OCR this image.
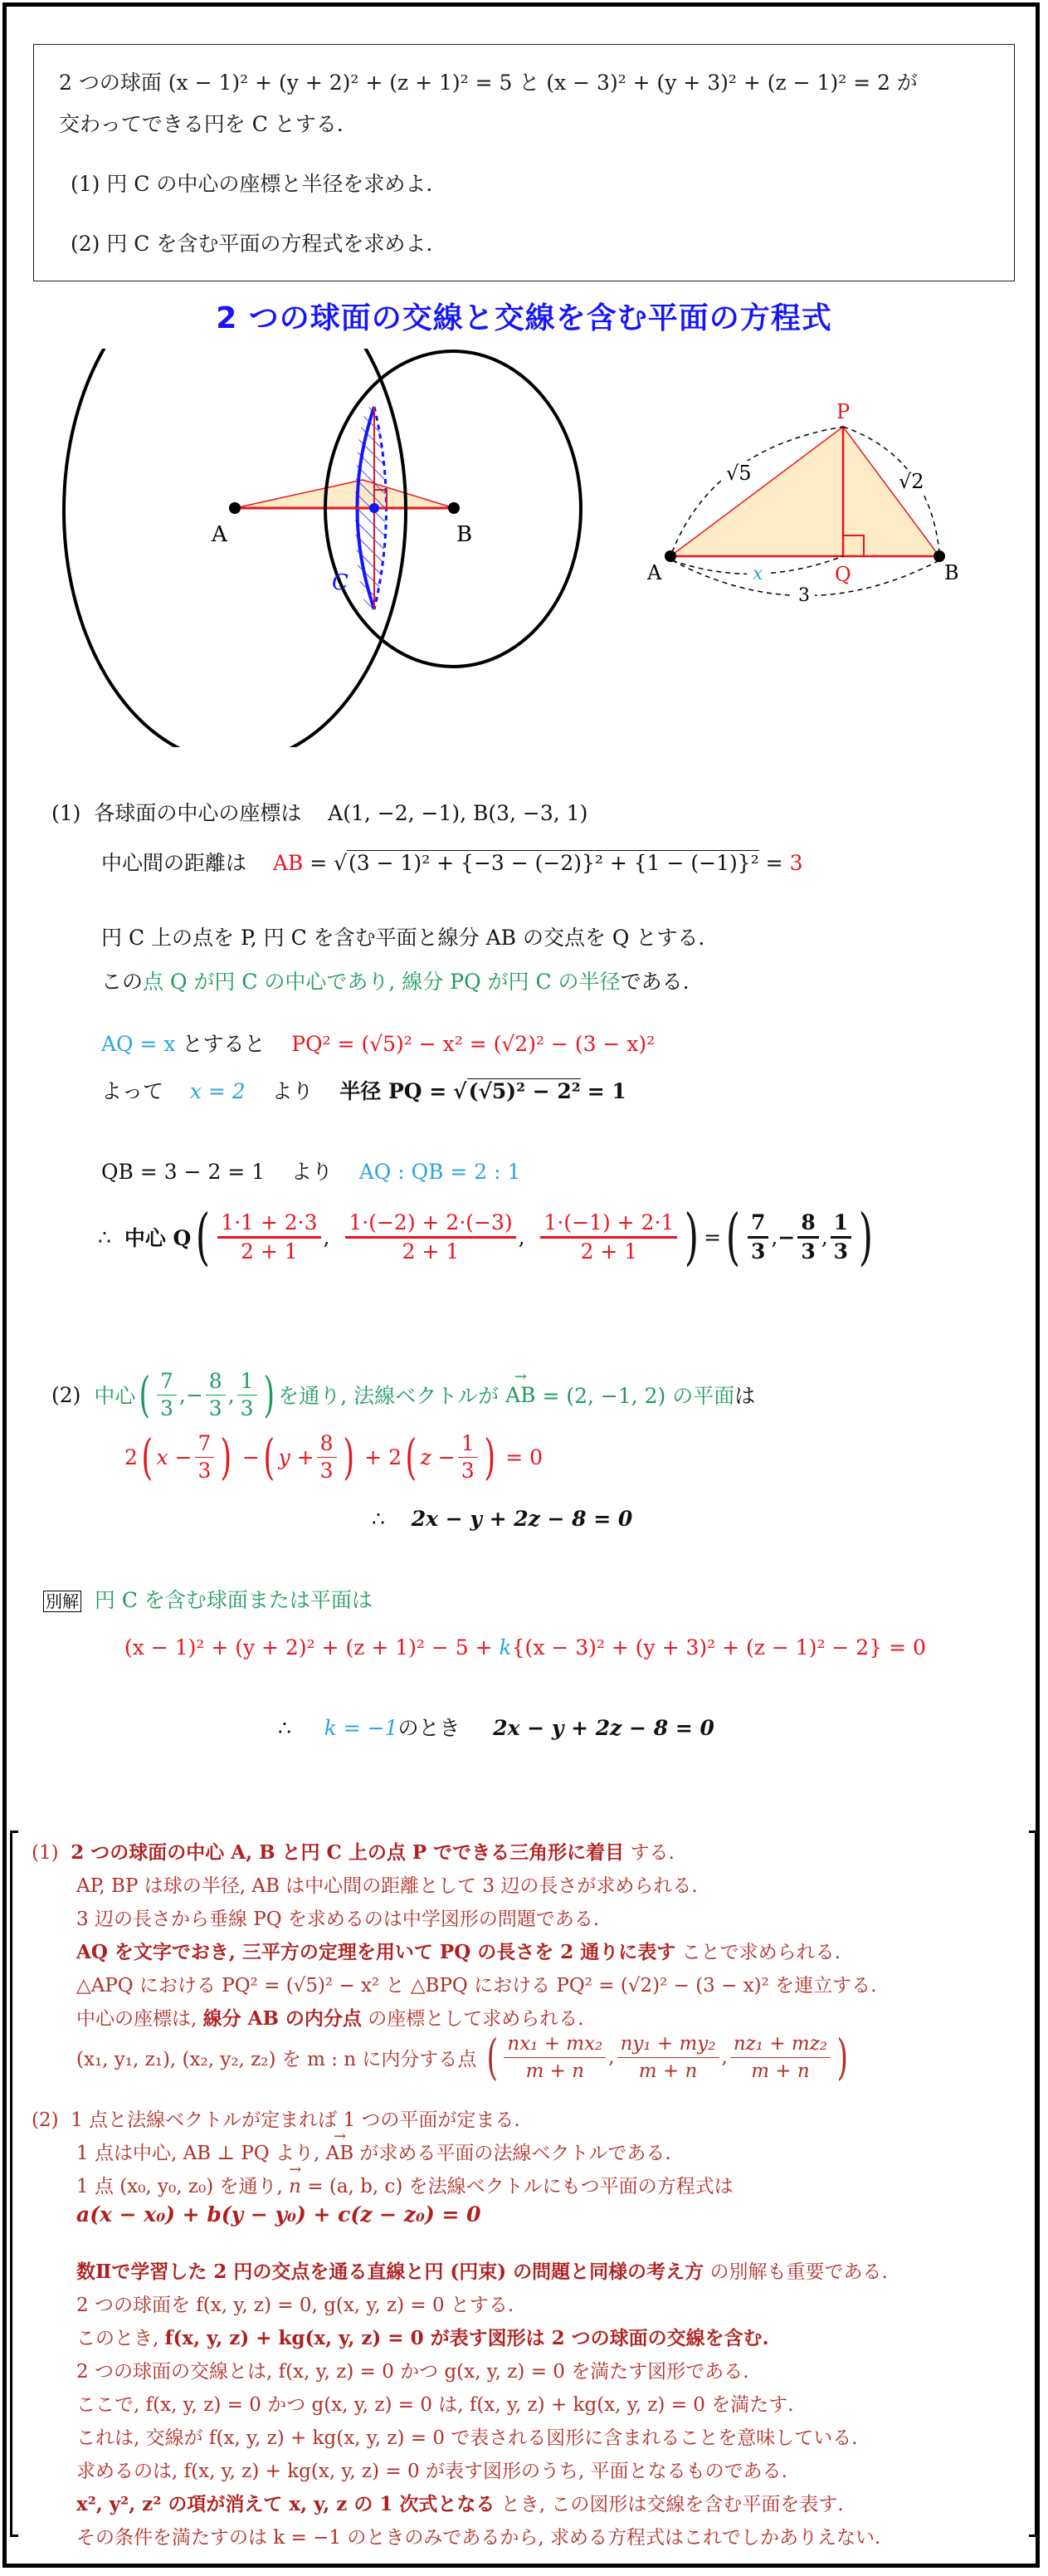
2 つの球面 (x − 1)² + (y + 2)² + (z + 1)² = 5 と (x − 3)² + (y + 3)² + (z − 1)² = 2 が
交わってできる円を C とする.
(1) 円 C の中心の座標と半径を求めよ.
(2) 円 C を含む平面の方程式を求めよ.
2 つの球面の交線と交線を含む平面の方程式
A	B
C
P
Q
A	B
√5	√2
x
3
(1) 各球面の中心の座標は A(1, −2, −1), B(3, −3, 1)
中心間の距離は AB = √(3 − 1)² + {−3 − (−2)}² + {1 − (−1)}² = 3
円 C 上の点を P, 円 C を含む平面と線分 AB の交点を Q とする.
この点 Q が円 C の中心であり, 線分 PQ が円 C の半径である.
AQ = x とすると PQ² = (√5)² − x² = (√2)² − (3 − x)²
よって x = 2 より 半径 PQ = √(√5)² − 2² = 1
QB = 3 − 2 = 1 より AQ : QB = 2 : 1
∴
中心 Q ( $\frac{1\cdot 1 + 2\cdot 3}{2 + 1}$ , $\frac{1\cdot(-2) + 2\cdot(-3)}{2 + 1}$ , $\frac{1\cdot(-1) + 2\cdot 1}{2 + 1}$ ) = ( $\frac{7}{3}$ , − $\frac{8}{3}$ , $\frac{1}{3}$ )
(2)
中心 ( $\frac{7}{3}$ , − $\frac{8}{3}$ , $\frac{1}{3}$ ) を通り, 法線ベクトルが
→ AB
= (2, −1, 2) の平面 は
2 ( $x - \frac{7}{3}$ )
− ( $y + \frac{8}{3}$ )
+ 2 ( $z - \frac{1}{3}$ )
= 0
∴ 2x − y + 2z − 8 = 0
別解 円 C を含む球面または平面は
(x − 1)² + (y + 2)² + (z + 1)² − 5 + k{(x − 3)² + (y + 3)² + (z − 1)² − 2} = 0
∴ k = −1のとき 2x − y + 2z − 8 = 0
(1) 2 つの球面の中心 A, B と円 C 上の点 P でできる三角形に着目 する.
AP, BP は球の半径, AB は中心間の距離として 3 辺の長さが求められる.
3 辺の長さから垂線 PQ を求めるのは中学図形の問題である.
AQ を文字でおき, 三平方の定理を用いて PQ の長さを 2 通りに表す ことで求められる.
△APQ における PQ² = (√5)² − x² と △BPQ における PQ² = (√2)² − (3 − x)² を連立する.
中心の座標は, 線分 AB の内分点 の座標として求められる.
(x₁, y₁, z₁), (x₂, y₂, z₂) を m : n に内分する点
( $\frac{\text{nx₁ + mx₂}}{m + n}$ , $\frac{\text{ny₁ + my₂}}{m + n}$ , $\frac{\text{nz₁ + mz₂}}{m + n}$ )
(2) 1 点と法線ベクトルが定まれば 1 つの平面が定まる.
1 点は中心, AB ⊥ PQ より, → AB が求める平面の法線ベクトルである.
1 点 (x₀, y₀, z₀) を通り, → n = (a, b, c) を法線ベクトルにもつ平面の方程式は
a(x − x₀) + b(y − y₀) + c(z − z₀) = 0
数Ⅱで学習した 2 円の交点を通る直線と円 (円束) の問題と同様の考え方 の別解も重要である.
2 つの球面を f(x, y, z) = 0, g(x, y, z) = 0 とする.
このとき, f(x, y, z) + kg(x, y, z) = 0 が表す図形は 2 つの球面の交線を含む.
2 つの球面の交線とは, f(x, y, z) = 0 かつ g(x, y, z) = 0 を満たす図形である.
ここで, f(x, y, z) = 0 かつ g(x, y, z) = 0 は, f(x, y, z) + kg(x, y, z) = 0 を満たす.
これは, 交線が f(x, y, z) + kg(x, y, z) = 0 で表される図形に含まれることを意味している.
求めるのは, f(x, y, z) + kg(x, y, z) = 0 が表す図形のうち, 平面となるものである.
x², y², z² の項が消えて x, y, z の 1 次式となる とき, この図形は交線を含む平面を表す.
その条件を満たすのは k = −1 のときのみであるから, 求める方程式はこれでしかありえない.
